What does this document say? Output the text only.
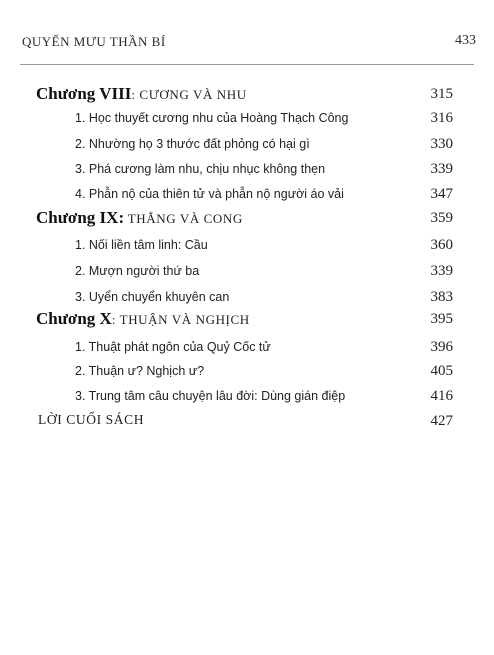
QUYỂN MƯU THẦN BÍ	433
Chương VIII: CƯƠNG VÀ NHU	315
1. Học thuyết cương nhu của Hoàng Thạch Công	316
2. Nhường họ 3 thước đất phỏng có hại gì	330
3. Phá cương làm nhu, chịu nhục không thẹn	339
4. Phẫn nộ của thiên tử và phẫn nộ người áo vải	347
Chương IX: THẲNG VÀ CONG	359
1. Nối liền tâm linh: Cầu	360
2. Mượn người thứ ba	339
3. Uyển chuyển khuyên can	383
Chương X: THUẬN VÀ NGHỊCH	395
1. Thuật phát ngôn của Quỷ Cốc tử	396
2. Thuận ư? Nghịch ư?	405
3. Trung tâm câu chuyện lâu đời: Dùng gián điệp	416
LỜI CUỐI SÁCH	427
